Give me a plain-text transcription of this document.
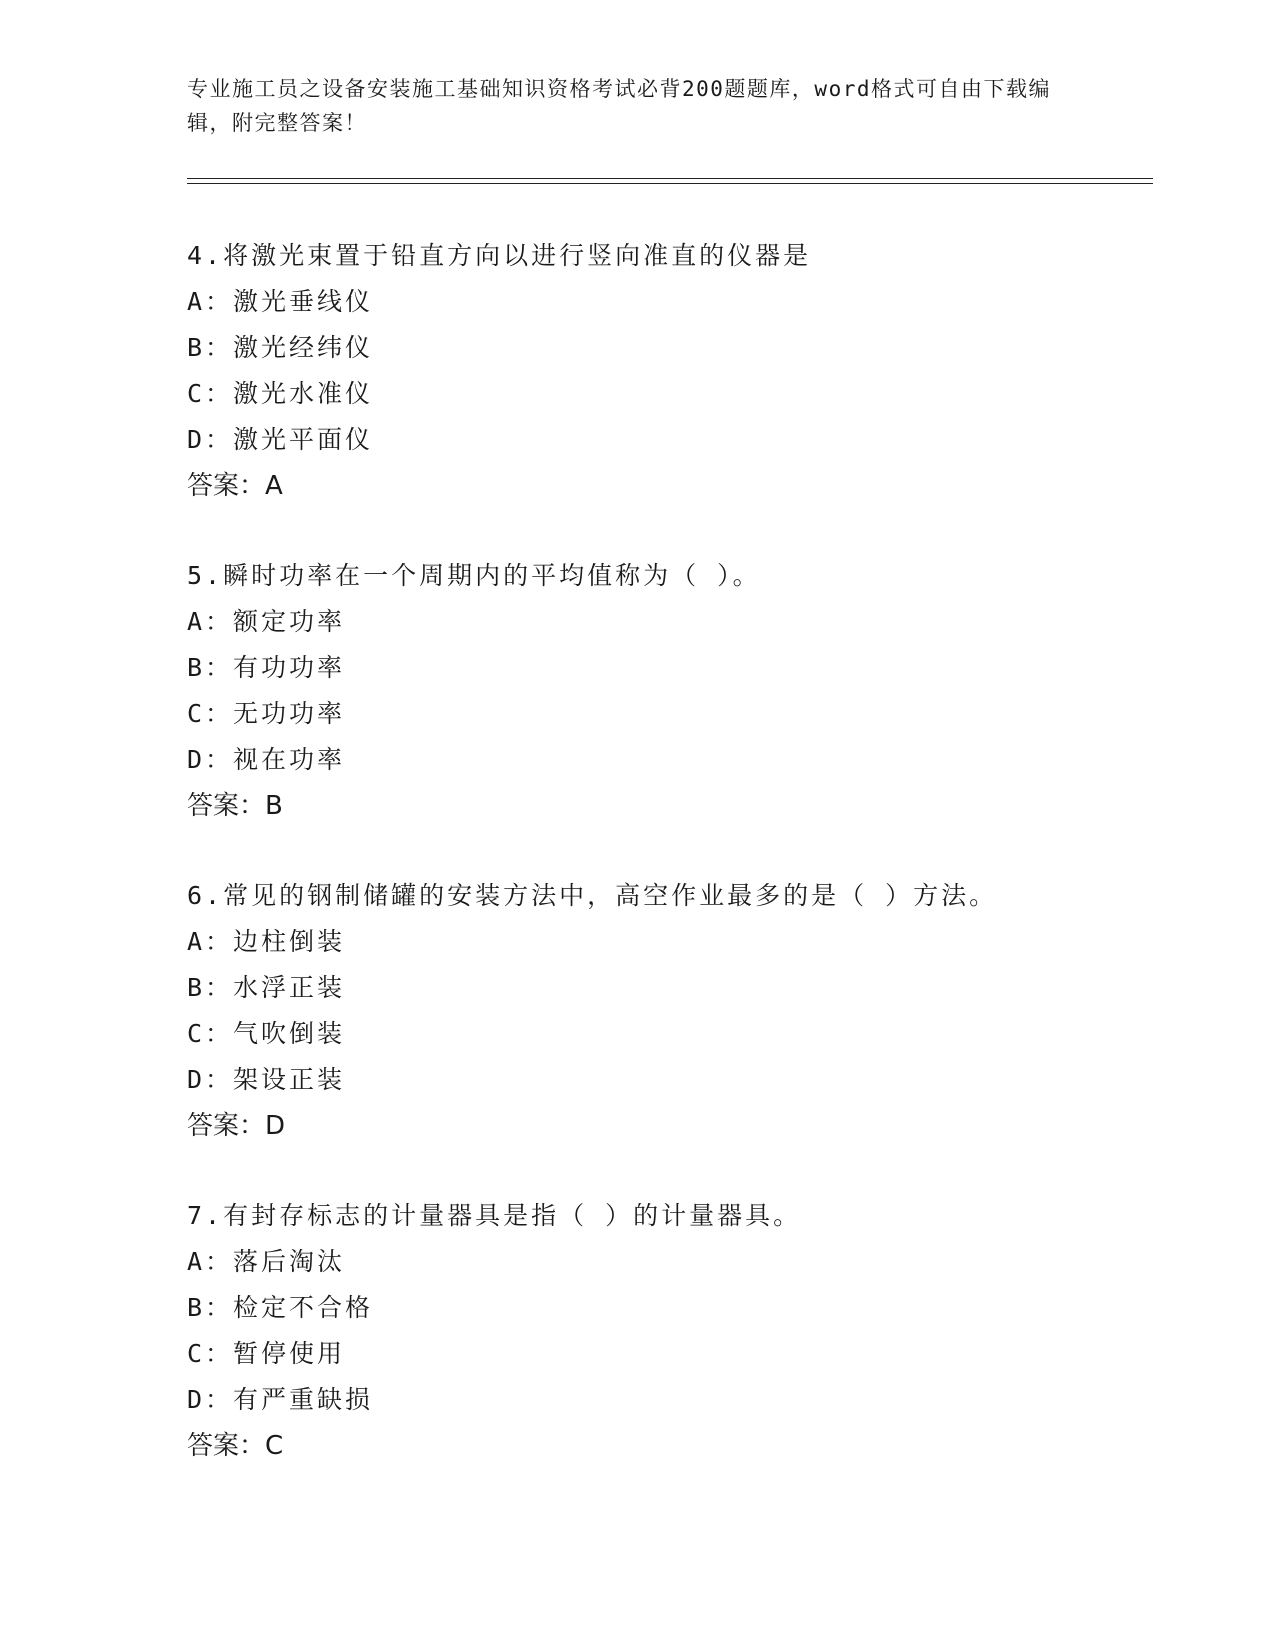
专业施工员之设备安装施工基础知识资格考试必背200题题库，word格式可自由下载编辑，附完整答案！
4.将激光束置于铅直方向以进行竖向准直的仪器是
A：激光垂线仪
B：激光经纬仪
C：激光水准仪
D：激光平面仪
答案：A
5.瞬时功率在一个周期内的平均值称为（ ）。
A：额定功率
B：有功功率
C：无功功率
D：视在功率
答案：B
6.常见的钢制储罐的安装方法中，高空作业最多的是（ ）方法。
A：边柱倒装
B：水浮正装
C：气吹倒装
D：架设正装
答案：D
7.有封存标志的计量器具是指（ ）的计量器具。
A：落后淘汰
B：检定不合格
C：暂停使用
D：有严重缺损
答案：C
